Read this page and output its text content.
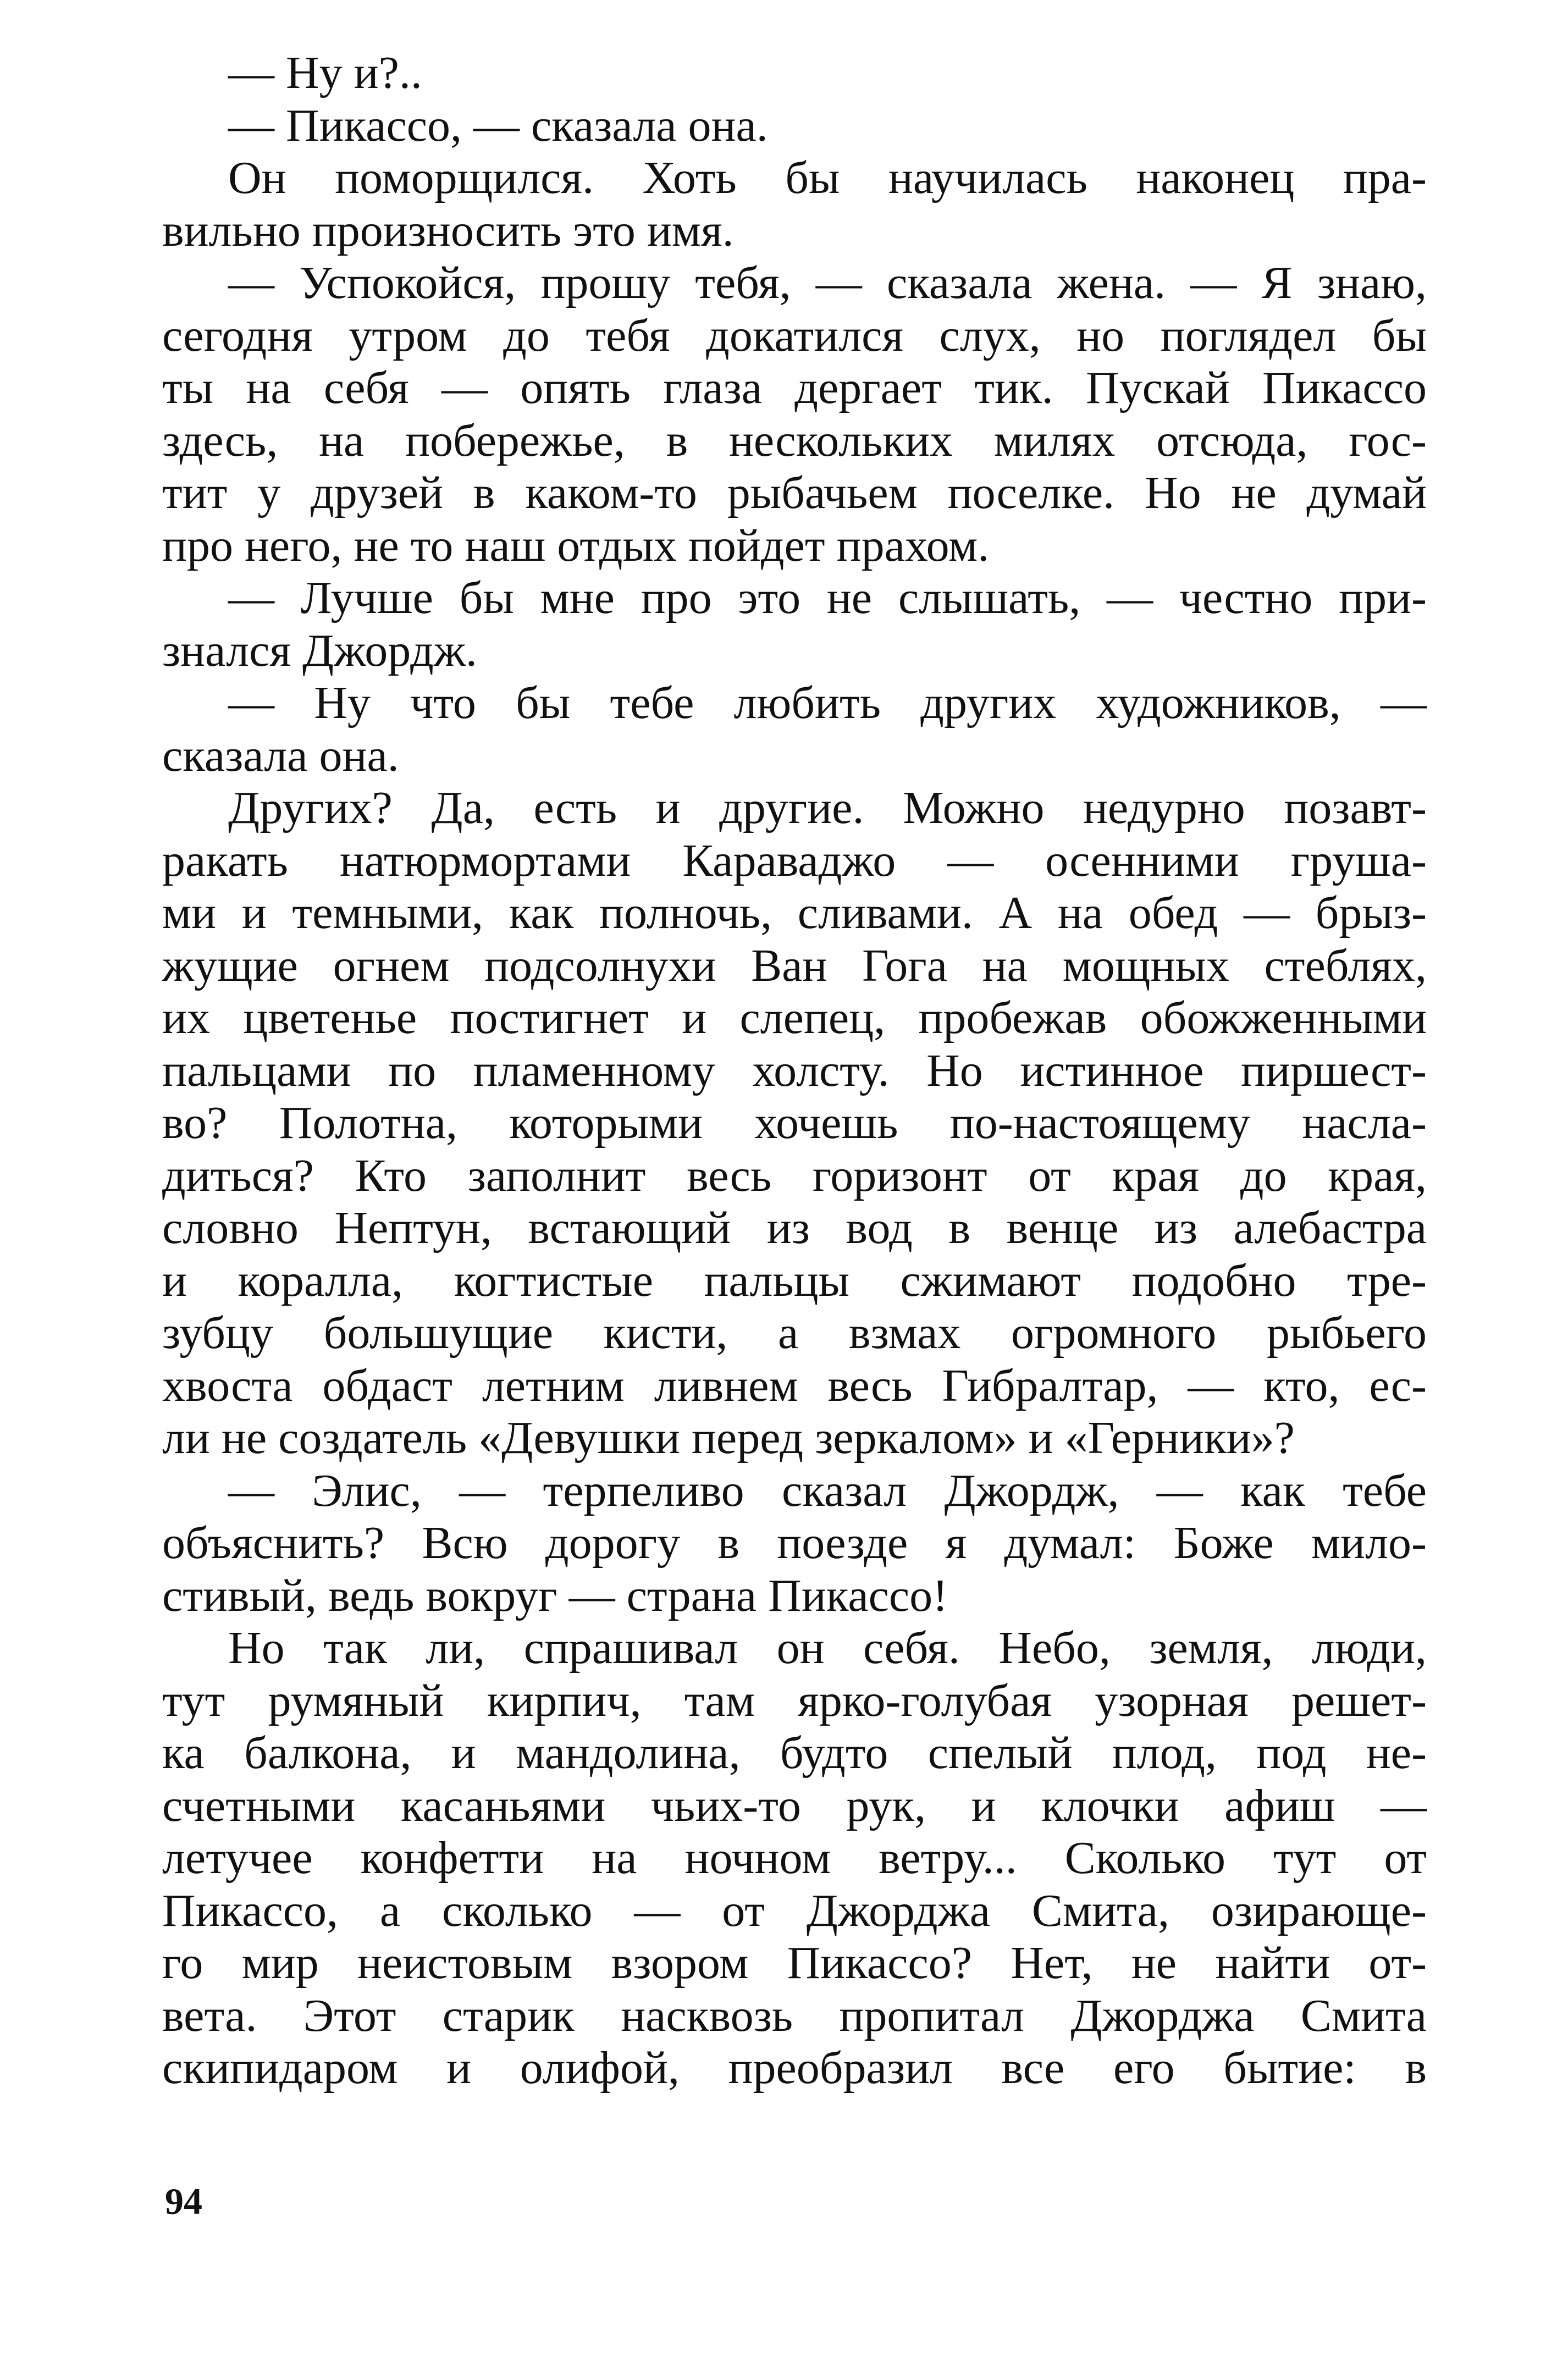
— Ну и?..
— Пикассо, — сказала она.
Он поморщился. Хоть бы научилась наконец пра-
вильно произносить это имя.
— Успокойся, прошу тебя, — сказала жена. — Я знаю,
сегодня утром до тебя докатился слух, но поглядел бы
ты на себя — опять глаза дергает тик. Пускай Пикассо
здесь, на побережье, в нескольких милях отсюда, гос-
тит у друзей в каком-то рыбачьем поселке. Но не думай
про него, не то наш отдых пойдет прахом.
— Лучше бы мне про это не слышать, — честно при-
знался Джордж.
— Ну что бы тебе любить других художников, —
сказала она.
Других? Да, есть и другие. Можно недурно позавт-
ракать натюрмортами Караваджо — осенними груша-
ми и темными, как полночь, сливами. А на обед — брыз-
жущие огнем подсолнухи Ван Гога на мощных стеблях,
их цветенье постигнет и слепец, пробежав обожженными
пальцами по пламенному холсту. Но истинное пиршест-
во? Полотна, которыми хочешь по-настоящему насла-
диться? Кто заполнит весь горизонт от края до края,
словно Нептун, встающий из вод в венце из алебастра
и коралла, когтистые пальцы сжимают подобно тре-
зубцу большущие кисти, а взмах огромного рыбьего
хвоста обдаст летним ливнем весь Гибралтар, — кто, ес-
ли не создатель «Девушки перед зеркалом» и «Герники»?
— Элис, — терпеливо сказал Джордж, — как тебе
объяснить? Всю дорогу в поезде я думал: Боже мило-
стивый, ведь вокруг — страна Пикассо!
Но так ли, спрашивал он себя. Небо, земля, люди,
тут румяный кирпич, там ярко-голубая узорная решет-
ка балкона, и мандолина, будто спелый плод, под не-
счетными касаньями чьих-то рук, и клочки афиш —
летучее конфетти на ночном ветру... Сколько тут от
Пикассо, а сколько — от Джорджа Смита, озирающе-
го мир неистовым взором Пикассо? Нет, не найти от-
вета. Этот старик насквозь пропитал Джорджа Смита
скипидаром и олифой, преобразил все его бытие: в
94
